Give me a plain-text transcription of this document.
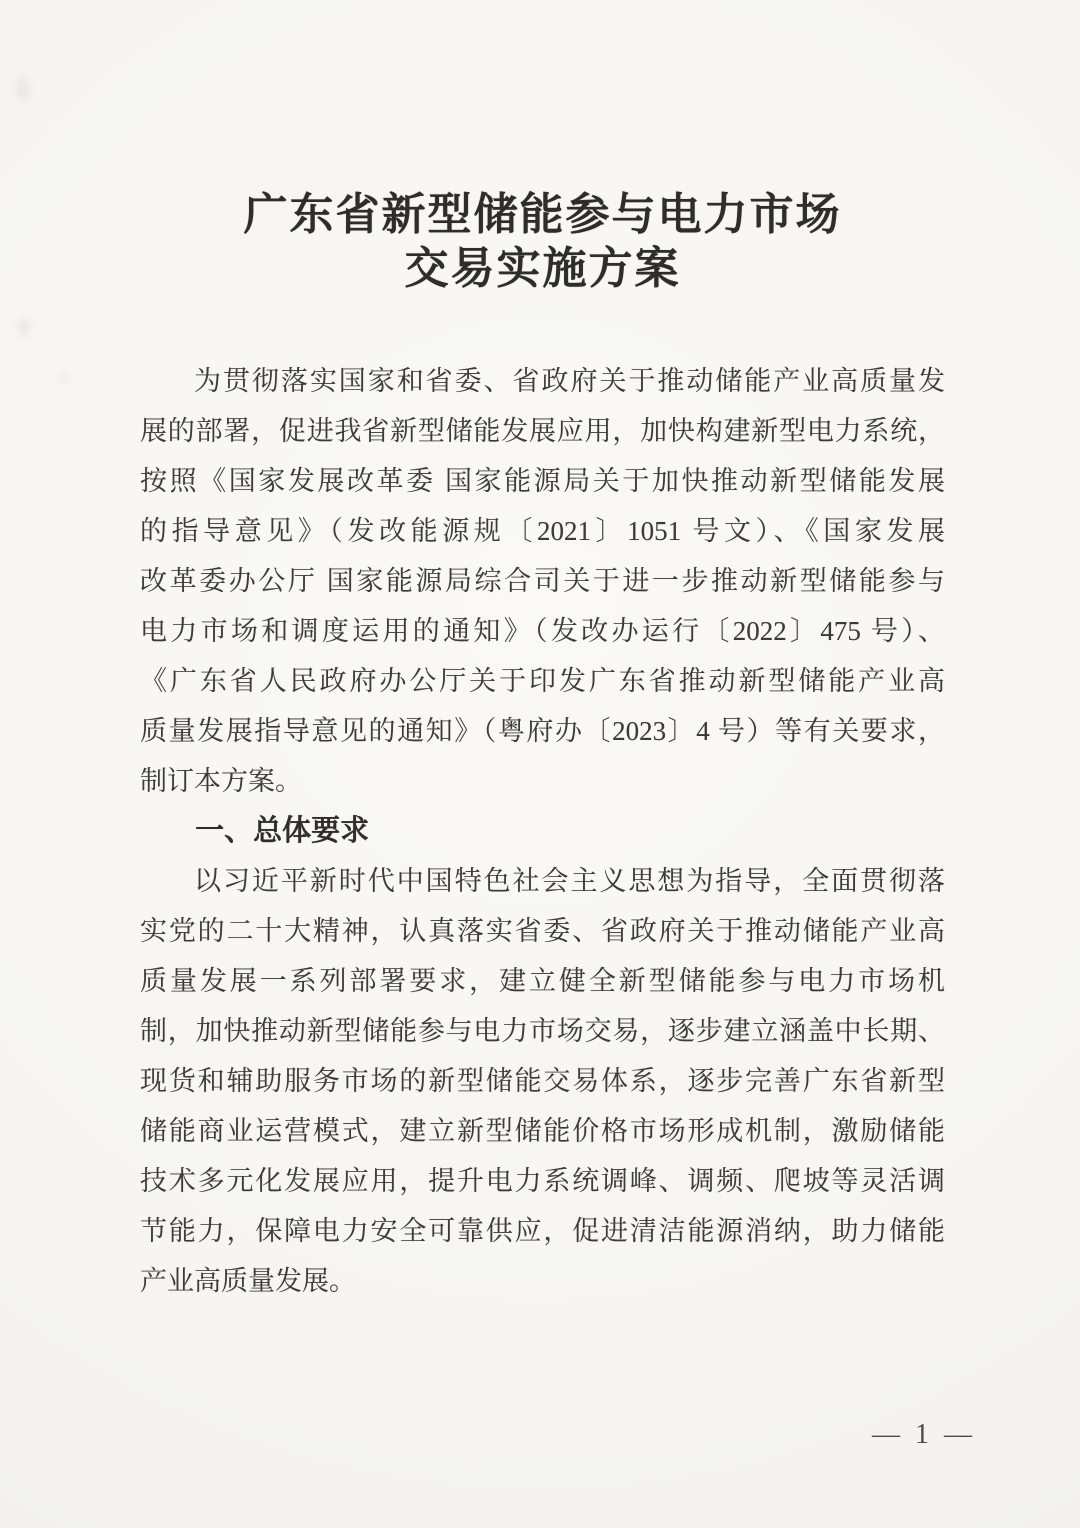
广东省新型储能参与电力市场
交易实施方案
为贯彻落实国家和省委、省政府关于推动储能产业高质量发
展的部署，促进我省新型储能发展应用，加快构建新型电力系统，
按照《国家发展改革委 国家能源局关于加快推动新型储能发展
的指导意见》（发改能源规〔2021〕1051 号文）、《国家发展
改革委办公厅 国家能源局综合司关于进一步推动新型储能参与
电力市场和调度运用的通知》（发改办运行〔2022〕475 号）、
《广东省人民政府办公厅关于印发广东省推动新型储能产业高
质量发展指导意见的通知》（粤府办〔2023〕4 号）等有关要求，
制订本方案。
一、总体要求
以习近平新时代中国特色社会主义思想为指导，全面贯彻落
实党的二十大精神，认真落实省委、省政府关于推动储能产业高
质量发展一系列部署要求，建立健全新型储能参与电力市场机
制，加快推动新型储能参与电力市场交易，逐步建立涵盖中长期、
现货和辅助服务市场的新型储能交易体系，逐步完善广东省新型
储能商业运营模式，建立新型储能价格市场形成机制，激励储能
技术多元化发展应用，提升电力系统调峰、调频、爬坡等灵活调
节能力，保障电力安全可靠供应，促进清洁能源消纳，助力储能
产业高质量发展。
— 1 —
